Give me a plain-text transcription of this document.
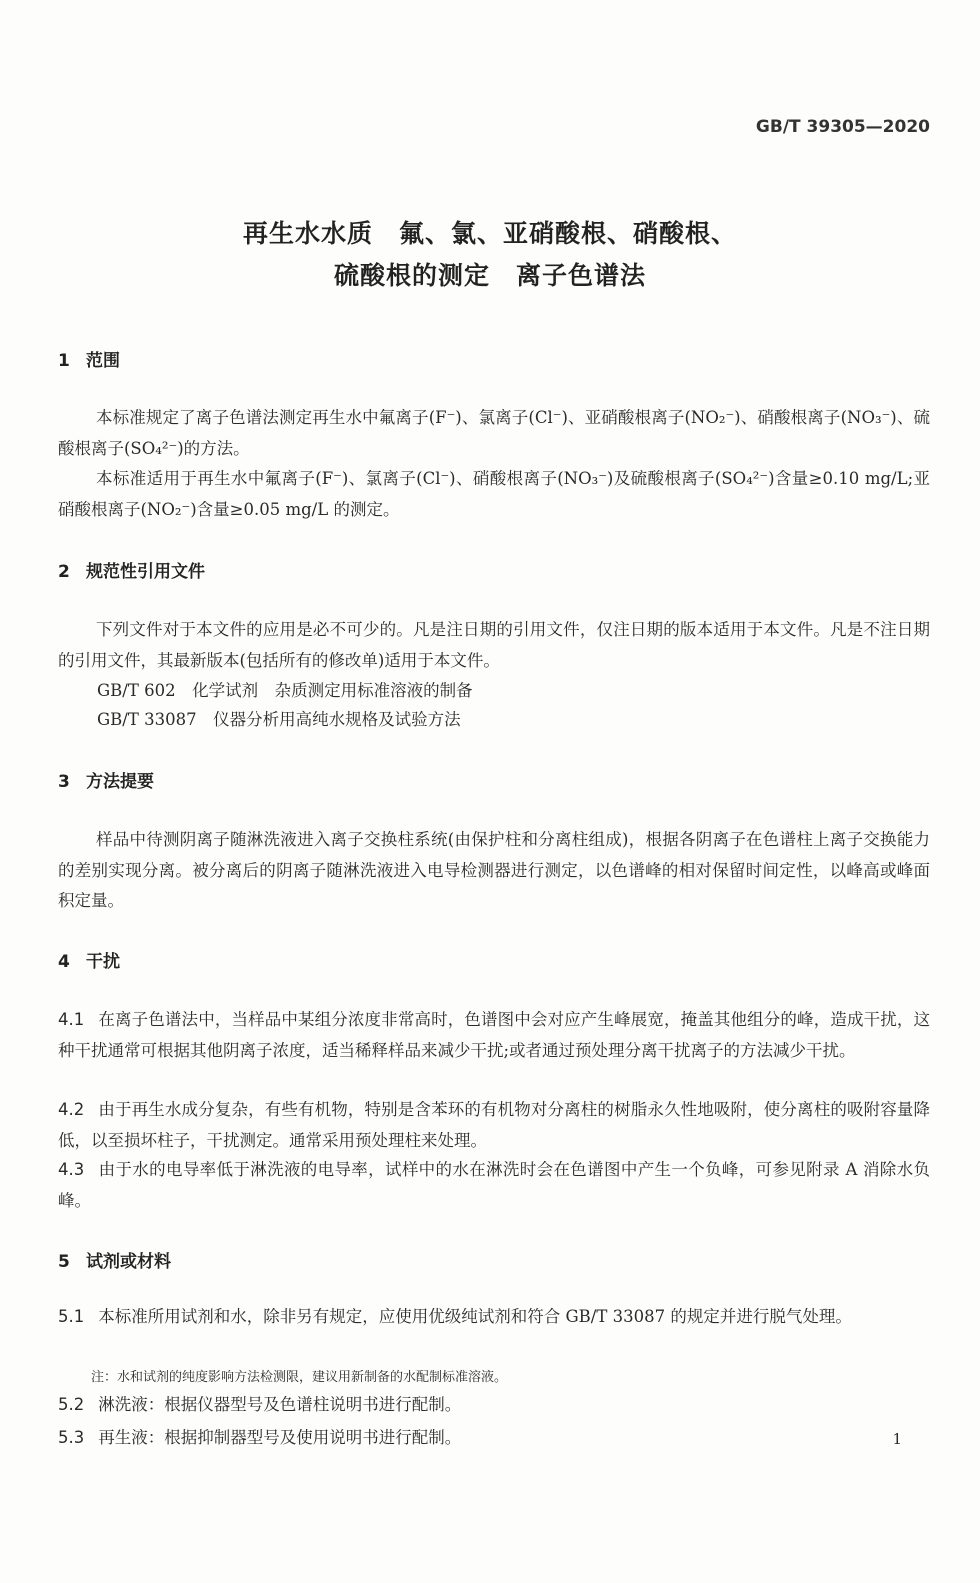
GB/T 39305—2020
再生水水质　氟、氯、亚硝酸根、硝酸根、
硫酸根的测定　离子色谱法
1 范围
本标准规定了离子色谱法测定再生水中氟离子(F⁻)、氯离子(Cl⁻)、亚硝酸根离子(NO₂⁻)、硝酸根离子(NO₃⁻)、硫酸根离子(SO₄²⁻)的方法。
本标准适用于再生水中氟离子(F⁻)、氯离子(Cl⁻)、硝酸根离子(NO₃⁻)及硫酸根离子(SO₄²⁻)含量≥0.10 mg/L;亚硝酸根离子(NO₂⁻)含量≥0.05 mg/L 的测定。
2 规范性引用文件
下列文件对于本文件的应用是必不可少的。凡是注日期的引用文件，仅注日期的版本适用于本文件。凡是不注日期的引用文件，其最新版本(包括所有的修改单)适用于本文件。
GB/T 602　化学试剂　杂质测定用标准溶液的制备
GB/T 33087　仪器分析用高纯水规格及试验方法
3 方法提要
样品中待测阴离子随淋洗液进入离子交换柱系统(由保护柱和分离柱组成)，根据各阴离子在色谱柱上离子交换能力的差别实现分离。被分离后的阴离子随淋洗液进入电导检测器进行测定，以色谱峰的相对保留时间定性，以峰高或峰面积定量。
4 干扰
4.1 在离子色谱法中，当样品中某组分浓度非常高时，色谱图中会对应产生峰展宽，掩盖其他组分的峰，造成干扰，这种干扰通常可根据其他阴离子浓度，适当稀释样品来减少干扰;或者通过预处理分离干扰离子的方法减少干扰。
4.2 由于再生水成分复杂，有些有机物，特别是含苯环的有机物对分离柱的树脂永久性地吸附，使分离柱的吸附容量降低，以至损坏柱子，干扰测定。通常采用预处理柱来处理。
4.3 由于水的电导率低于淋洗液的电导率，试样中的水在淋洗时会在色谱图中产生一个负峰，可参见附录 A 消除水负峰。
5 试剂或材料
5.1 本标准所用试剂和水，除非另有规定，应使用优级纯试剂和符合 GB/T 33087 的规定并进行脱气处理。
注：水和试剂的纯度影响方法检测限，建议用新制备的水配制标准溶液。
5.2 淋洗液：根据仪器型号及色谱柱说明书进行配制。
5.3 再生液：根据抑制器型号及使用说明书进行配制。	1
